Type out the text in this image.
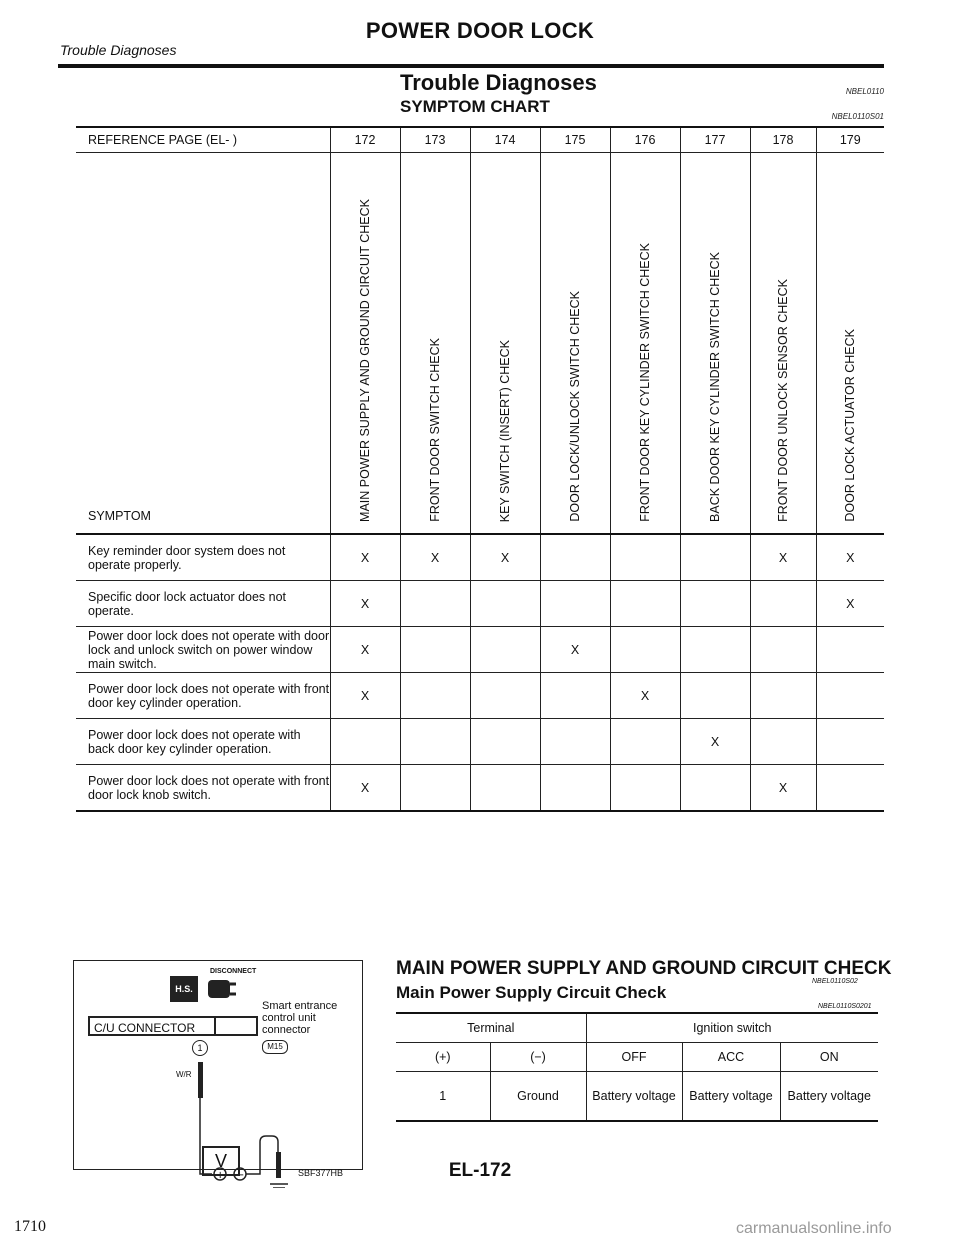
Trouble Diagnoses
POWER DOOR LOCK
Trouble Diagnoses
SYMPTOM CHART
NBEL0110
NBEL0110S01
REFERENCE PAGE (EL- )	172	173	174	175	176	177	178	179
SYMPTOM	MAIN POWER SUPPLY AND GROUND CIRCUIT CHECK	FRONT DOOR SWITCH CHECK	KEY SWITCH (INSERT) CHECK	DOOR LOCK/UNLOCK SWITCH CHECK	FRONT DOOR KEY CYLINDER SWITCH CHECK	BACK DOOR KEY CYLINDER SWITCH CHECK	FRONT DOOR UNLOCK SENSOR CHECK	DOOR LOCK ACTUATOR CHECK
Key reminder door system does not operate properly.	X	X	X				X	X
Specific door lock actuator does not operate.	X							X
Power door lock does not operate with door lock and unlock switch on power window main switch.	X			X				
Power door lock does not operate with front door key cylinder operation.	X				X			
Power door lock does not operate with back door key cylinder operation.						X		
Power door lock does not operate with front door lock knob switch.	X						X	
DISCONNECT
H.S.
C/U CONNECTOR
Smart entrance control unit connector
M15
1
W/R
+ −
V
SBF377HB
MAIN POWER SUPPLY AND GROUND CIRCUIT CHECK
NBEL0110S02
Main Power Supply Circuit Check
NBEL0110S0201
Terminal		Ignition switch		
(+)	(−)	OFF	ACC	ON
1	Ground	Battery voltage	Battery voltage	Battery voltage
EL-172
1710	carmanualsonline.info
